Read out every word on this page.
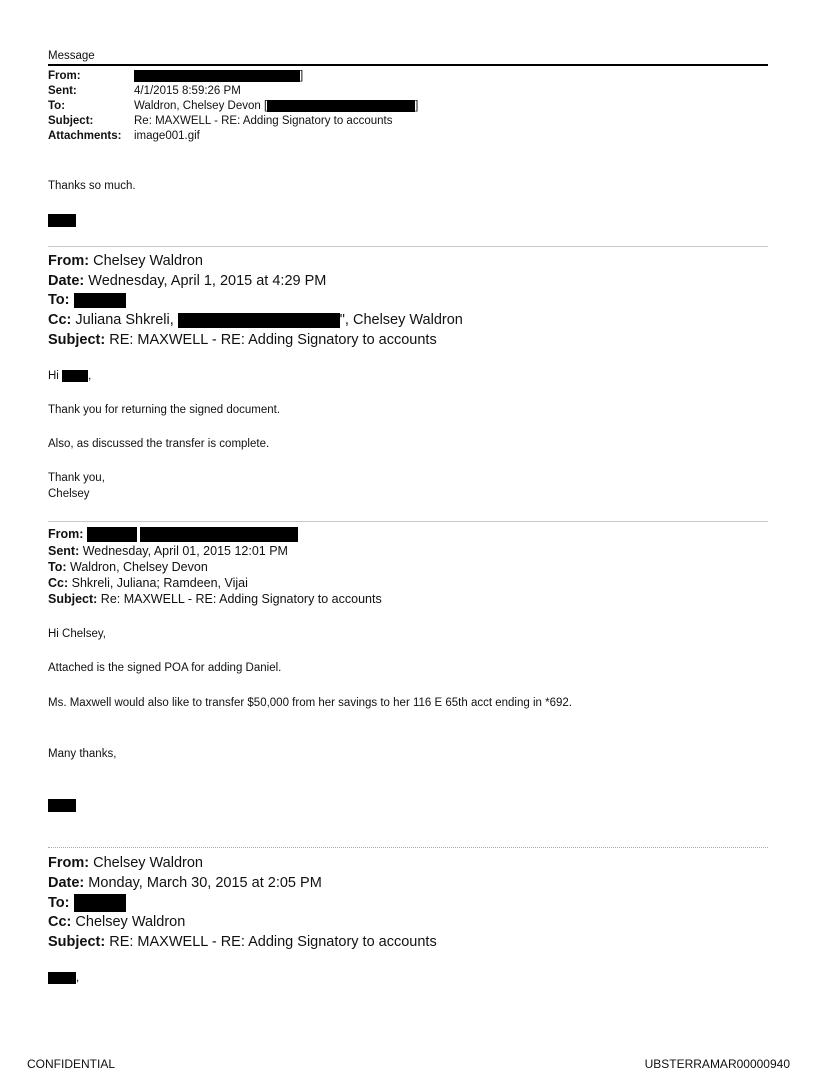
Message
From:	]
Sent:	4/1/2015 8:59:26 PM
To:	Waldron, Chelsey Devon [	]
Subject:	Re: MAXWELL - RE: Adding Signatory to accounts
Attachments: image001.gif
Thanks so much.
From: Chelsey Waldron
Date: Wednesday, April 1, 2015 at 4:29 PM
To:
Cc: Juliana Shkreli,	", Chelsey Waldron
Subject: RE: MAXWELL - RE: Adding Signatory to accounts
Hi	,
Thank you for returning the signed document.
Also, as discussed the transfer is complete.
Thank you,
Chelsey
From:
Sent: Wednesday, April 01, 2015 12:01 PM
To: Waldron, Chelsey Devon
Cc: Shkreli, Juliana; Ramdeen, Vijai
Subject: Re: MAXWELL - RE: Adding Signatory to accounts
Hi Chelsey,
Attached is the signed POA for adding Daniel.
Ms. Maxwell would also like to transfer $50,000 from her savings to her 116 E 65th acct ending in *692.
Many thanks,
From: Chelsey Waldron
Date: Monday, March 30, 2015 at 2:05 PM
To:
Cc: Chelsey Waldron
Subject: RE: MAXWELL - RE: Adding Signatory to accounts
,
CONFIDENTIAL	UBSTERRAMAR00000940
